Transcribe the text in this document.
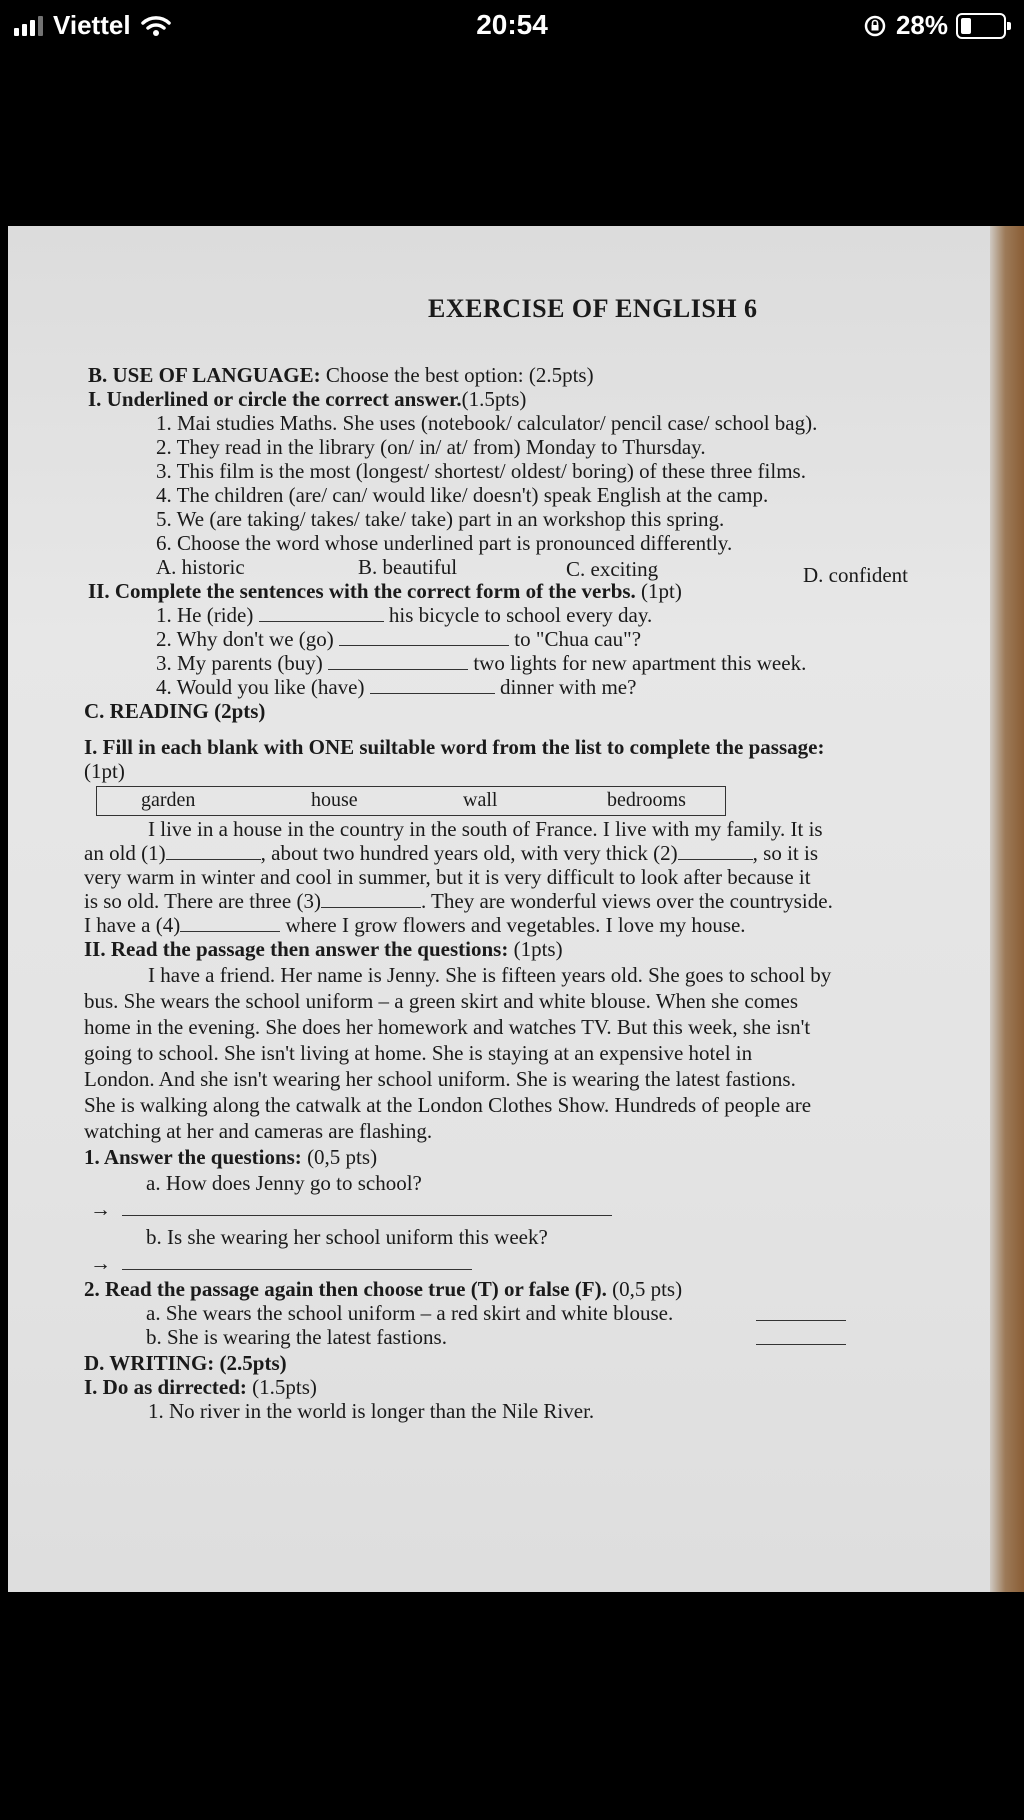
Viettel	20:54	28%
EXERCISE OF ENGLISH 6
B. USE OF LANGUAGE: Choose the best option: (2.5pts)
I. Underlined or circle the correct answer.(1.5pts)
1. Mai studies Maths. She uses (notebook/ calculator/ pencil case/ school bag).
2. They read in the library (on/ in/ at/ from) Monday to Thursday.
3. This film is the most (longest/ shortest/ oldest/ boring) of these three films.
4. The children (are/ can/ would like/ doesn't) speak English at the camp.
5. We (are taking/ takes/ take/ take) part in an workshop this spring.
6. Choose the word whose underlined part is pronounced differently.
A. historic	B. beautiful	C. exciting	D. confident
II. Complete the sentences with the correct form of the verbs. (1pt)
1. He (ride)	his bicycle to school every day.
2. Why don't we (go)	to "Chua cau"?
3. My parents (buy)	two lights for new apartment this week.
4. Would you like (have)	dinner with me?
C. READING (2pts)
I. Fill in each blank with ONE suiltable word from the list to complete the passage:
(1pt)
garden	house	wall	bedrooms
I live in a house in the country in the south of France. I live with my family. It is
an old (1)	, about two hundred years old, with very thick (2)	, so it is
very warm in winter and cool in summer, but it is very difficult to look after because it
is so old. There are three (3)	. They are wonderful views over the countryside.
I have a (4)	where I grow flowers and vegetables. I love my house.
II. Read the passage then answer the questions: (1pts)
I have a friend. Her name is Jenny. She is fifteen years old. She goes to school by
bus. She wears the school uniform – a green skirt and white blouse. When she comes
home in the evening. She does her homework and watches TV. But this week, she isn't
going to school. She isn't living at home. She is staying at an expensive hotel in
London. And she isn't wearing her school uniform. She is wearing the latest fastions.
She is walking along the catwalk at the London Clothes Show. Hundreds of people are
watching at her and cameras are flashing.
1. Answer the questions: (0,5 pts)
a. How does Jenny go to school?
→
b. Is she wearing her school uniform this week?
→
2. Read the passage again then choose true (T) or false (F). (0,5 pts)
a. She wears the school uniform – a red skirt and white blouse.
b. She is wearing the latest fastions.
D. WRITING: (2.5pts)
I. Do as dirrected: (1.5pts)
1. No river in the world is longer than the Nile River.
